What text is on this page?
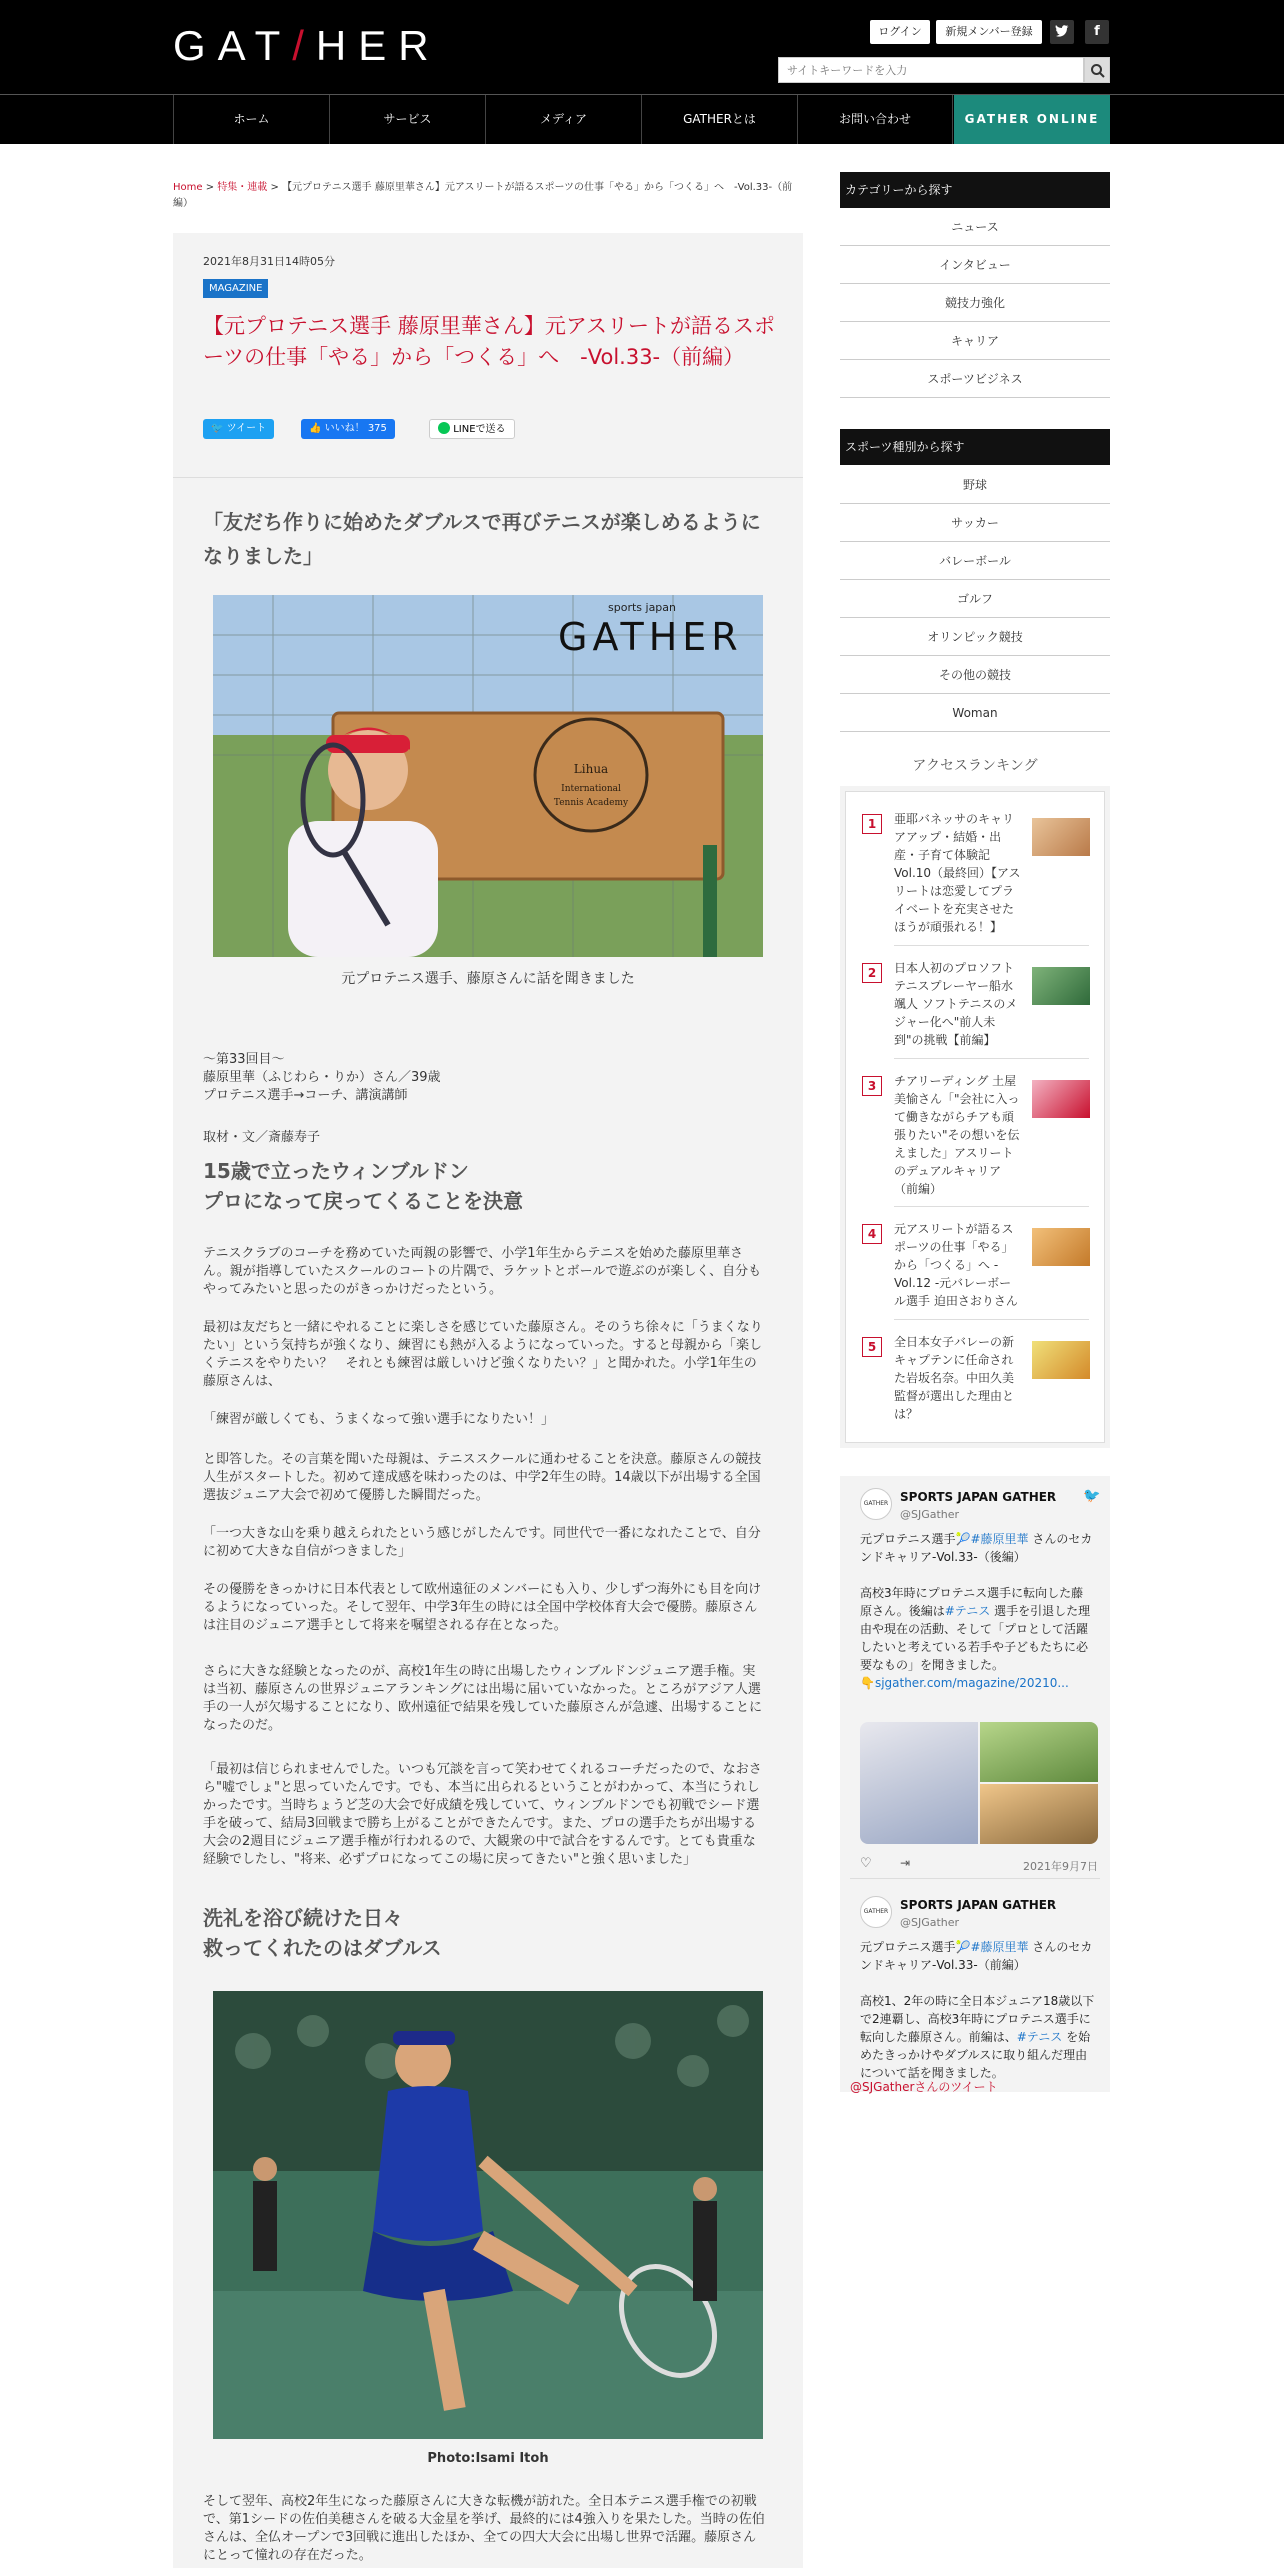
GAT/HER	ログイン	新規メンバー登録	f
サイトキーワードを入力
ホーム	サービス	メディア	GATHERとは	お問い合わせ	GATHER ONLINE
Home > 特集・連載 > 【元プロテニス選手 藤原里華さん】元アスリートが語るスポーツの仕事「やる」から「つくる」へ　-Vol.33-（前編）
2021年8月31日14時05分
MAGAZINE
【元プロテニス選手 藤原里華さん】元アスリートが語るスポーツの仕事「やる」から「つくる」へ　-Vol.33-（前編）
🐦 ツイート	👍 いいね！ 375	LINEで送る
「友だち作りに始めたダブルスで再びテニスが楽しめるようになりました」
Lihua
International
Tennis Academy
sports japan
GATHER
元プロテニス選手、藤原さんに話を聞きました
～第33回目～
藤原里華（ふじわら・りか）さん／39歳
プロテニス選手→コーチ、講演講師
取材・文／斎藤寿子
15歳で立ったウィンブルドン
プロになって戻ってくることを決意

テニスクラブのコーチを務めていた両親の影響で、小学1年生からテニスを始めた藤原里華さん。親が指導していたスクールのコートの片隅で、ラケットとボールで遊ぶのが楽しく、自分もやってみたいと思ったのがきっかけだったという。

最初は友だちと一緒にやれることに楽しさを感じていた藤原さん。そのうち徐々に「うまくなりたい」という気持ちが強くなり、練習にも熱が入るようになっていった。すると母親から「楽しくテニスをやりたい？　それとも練習は厳しいけど強くなりたい？」と聞かれた。小学1年生の藤原さんは、

「練習が厳しくても、うまくなって強い選手になりたい！」

と即答した。その言葉を聞いた母親は、テニススクールに通わせることを決意。藤原さんの競技人生がスタートした。初めて達成感を味わったのは、中学2年生の時。14歳以下が出場する全国選抜ジュニア大会で初めて優勝した瞬間だった。

「一つ大きな山を乗り越えられたという感じがしたんです。同世代で一番になれたことで、自分に初めて大きな自信がつきました」

その優勝をきっかけに日本代表として欧州遠征のメンバーにも入り、少しずつ海外にも目を向けるようになっていった。そして翌年、中学3年生の時には全国中学校体育大会で優勝。藤原さんは注目のジュニア選手として将来を嘱望される存在となった。

さらに大きな経験となったのが、高校1年生の時に出場したウィンブルドンジュニア選手権。実は当初、藤原さんの世界ジュニアランキングには出場に届いていなかった。ところがアジア人選手の一人が欠場することになり、欧州遠征で結果を残していた藤原さんが急遽、出場することになったのだ。

「最初は信じられませんでした。いつも冗談を言って笑わせてくれるコーチだったので、なおさら"嘘でしょ"と思っていたんです。でも、本当に出られるということがわかって、本当にうれしかったです。当時ちょうど芝の大会で好成績を残していて、ウィンブルドンでも初戦でシード選手を破って、結局3回戦まで勝ち上がることができたんです。また、プロの選手たちが出場する大会の2週目にジュニア選手権が行われるので、大観衆の中で試合をするんです。とても貴重な経験でしたし、"将来、必ずプロになってこの場に戻ってきたい"と強く思いました」

洗礼を浴び続けた日々
救ってくれたのはダブルス
Photo:Isami Itoh

そして翌年、高校2年生になった藤原さんに大きな転機が訪れた。全日本テニス選手権での初戦で、第1シードの佐伯美穂さんを破る大金星を挙げ、最終的には4強入りを果たした。当時の佐伯さんは、全仏オープンで3回戦に進出したほか、全ての四大大会に出場し世界で活躍。藤原さんにとって憧れの存在だった。

カテゴリーから探す
ニュース
インタビュー
競技力強化
キャリア
スポーツビジネス
スポーツ種別から探す
野球
サッカー
バレーボール
ゴルフ
オリンピック競技
その他の競技
Woman
アクセスランキング
1	亜耶バネッサのキャリアアップ・結婚・出産・子育て体験記 Vol.10（最終回）【アスリートは恋愛してプライベートを充実させたほうが頑張れる！】
2	日本人初のプロソフトテニスプレーヤー船水颯人 ソフトテニスのメジャー化へ"前人未到"の挑戦【前編】
3	チアリーディング 土屋美愉さん「"会社に入って働きながらチアも頑張りたい"その想いを伝えました」アスリートのデュアルキャリア（前編）
4	元アスリートが語るスポーツの仕事「やる」から「つくる」へ -Vol.12 -元バレーボール選手 迫田さおりさん
5	全日本女子バレーの新キャプテンに任命された岩坂名奈。中田久美監督が選出した理由とは？
GATHER SPORTS JAPAN GATHER
@SJGather
🐦
元プロテニス選手🎾#藤原里華 さんのセカンドキャリア-Vol.33-（後編）
高校3年時にプロテニス選手に転向した藤原さん。後編は#テニス 選手を引退した理由や現在の活動、そして「プロとして活躍したいと考えている若手や子どもたちに必要なもの」を聞きました。
👇sjgather.com/magazine/20210...
♡ ⇥	2021年9月7日
GATHER SPORTS JAPAN GATHER
@SJGather
元プロテニス選手🎾#藤原里華 さんのセカンドキャリア-Vol.33-（前編）
高校1、2年の時に全日本ジュニア18歳以下で2連覇し、高校3年時にプロテニス選手に転向した藤原さん。前編は、#テニス を始めたきっかけやダブルスに取り組んだ理由について話を聞きました。
@SJGatherさんのツイート
